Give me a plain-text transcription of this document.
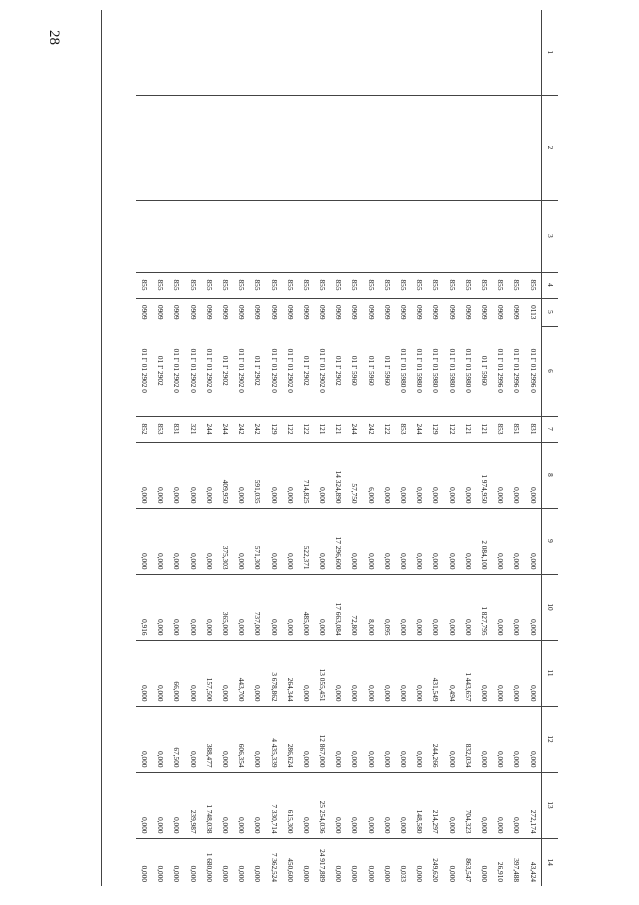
28
1	2	3	4	5	6	7	8	9	10	11	12	13	14
			855	0113	01 Г 01 2996 0	831	0,000	0,000	0,000	0,000	0,000	272,174	43,424
			855	0909	01 Г 01 2996 0	851	0,000	0,000	0,000	0,000	0,000	0,000	397,488
			855	0909	01 Г 01 2996 0	853	0,000	0,000	0,000	0,000	0,000	0,000	26,910
			855	0909	01 Г 5960	121	1 974,950	2 084,100	1 827,795	0,000	0,000	0,000	0,000
			855	0909	01 Г 01 5980 0	121	0,000	0,000	0,000	1 443,657	832,034	704,323	863,547
			855	0909	01 Г 01 5980 0	122	0,000	0,000	0,000	0,494	0,000	0,000	0,000
			855	0909	01 Г 01 5980 0	129	0,000	0,000	0,000	431,549	244,266	214,297	249,620
			855	0909	01 Г 01 5980 0	244	0,000	0,000	0,000	0,000	0,000	148,580	0,000
			855	0909	01 Г 01 5980 0	853	0,000	0,000	0,000	0,000	0,000	0,000	0,033
			855	0909	01 Г 5960	122	0,000	0,000	0,095	0,000	0,000	0,000	0,000
			855	0909	01 Г 5960	242	6,000	0,000	8,000	0,000	0,000	0,000	0,000
			855	0909	01 Г 5960	244	57,750	0,000	72,800	0,000	0,000	0,000	0,000
			855	0909	01 Г 2902	121	14 324,890	17 296,600	17 663,084	0,000	0,000	0,000	0,000
			855	0909	01 Г 01 2902 0	121	0,000	0,000	0,000	13 055,451	12 867,000	25 254,036	24 917,889
			855	0909	01 Г 2902	122	714,825	522,371	485,000	0,000	0,000	0,000	0,000
			855	0909	01 Г 01 2902 0	122	0,000	0,000	0,000	264,344	286,624	615,300	450,600
			855	0909	01 Г 01 2902 0	129	0,000	0,000	0,000	3 678,862	4 435,339	7 330,714	7 362,524
			855	0909	01 Г 2902	242	591,035	571,300	737,000	0,000	0,000	0,000	0,000
			855	0909	01 Г 01 2902 0	242	0,000	0,000	0,000	443,700	606,354	0,000	0,000
			855	0909	01 Г 2902	244	409,950	375,303	365,000	0,000	0,000	0,000	0,000
			855	0909	01 Г 01 2902 0	244	0,000	0,000	0,000	157,500	388,477	1 748,038	1 680,000
			855	0909	01 Г 01 2902 0	321	0,000	0,000	0,000	0,000	0,000	239,987	0,000
			855	0909	01 Г 01 2902 0	831	0,000	0,000	0,000	66,000	67,500	0,000	0,000
			855	0909	01 Г 2902	853	0,000	0,000	0,000	0,000	0,000	0,000	0,000
			855	0909	01 Г 01 2902 0	852	0,000	0,000	0,916	0,000	0,000	0,000	0,000
